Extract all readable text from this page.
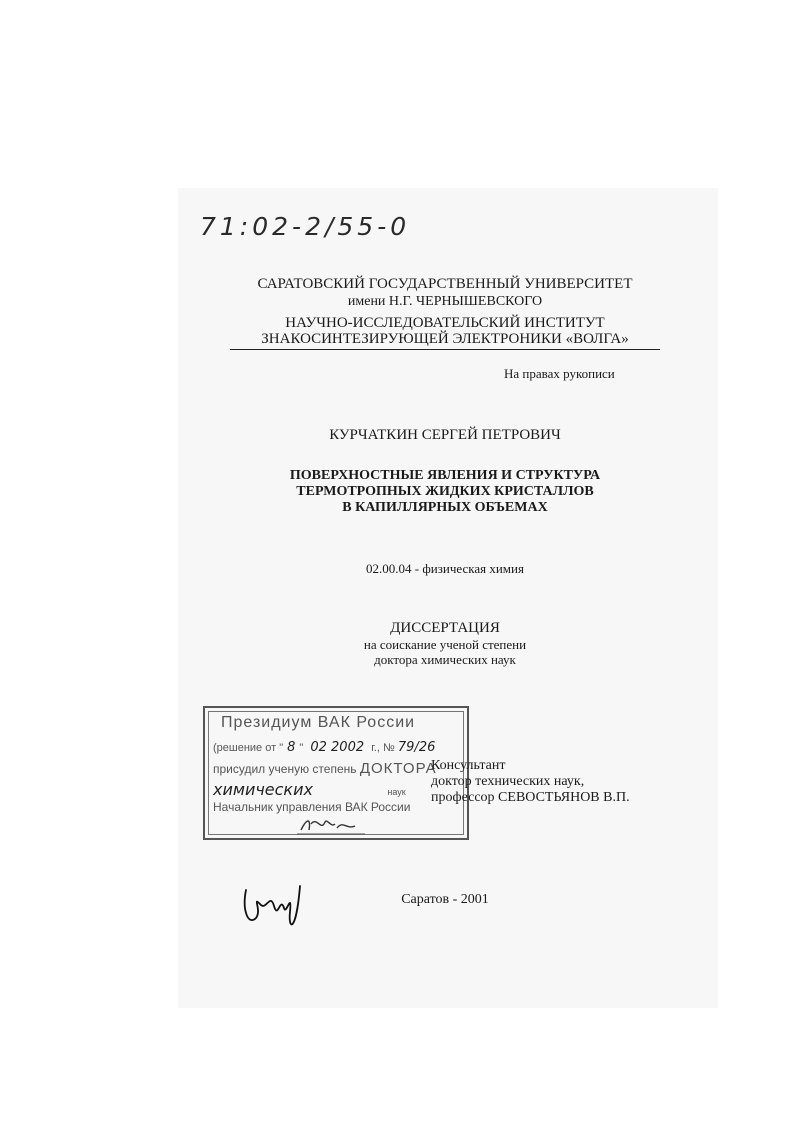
71:02-2/55-0
САРАТОВСКИЙ ГОСУДАРСТВЕННЫЙ УНИВЕРСИТЕТ
имени Н.Г. ЧЕРНЫШЕВСКОГО
НАУЧНО-ИССЛЕДОВАТЕЛЬСКИЙ ИНСТИТУТ
ЗНАКОСИНТЕЗИРУЮЩЕЙ ЭЛЕКТРОНИКИ «ВОЛГА»
На правах рукописи
КУРЧАТКИН СЕРГЕЙ ПЕТРОВИЧ
ПОВЕРХНОСТНЫЕ ЯВЛЕНИЯ И СТРУКТУРА
ТЕРМОТРОПНЫХ ЖИДКИХ КРИСТАЛЛОВ
В КАПИЛЛЯРНЫХ ОБЪЕМАХ
02.00.04 - физическая химия
ДИССЕРТАЦИЯ
на соискание ученой степени
доктора химических наук
Президиум ВАК России
(решение от " 8 " 02 2002 г., № 79/26
присудил ученую степень ДОКТОРА
химических	наук
Начальник управления ВАК России
Консультант
доктор технических наук,
профессор СЕВОСТЬЯНОВ В.П.
Саратов - 2001
